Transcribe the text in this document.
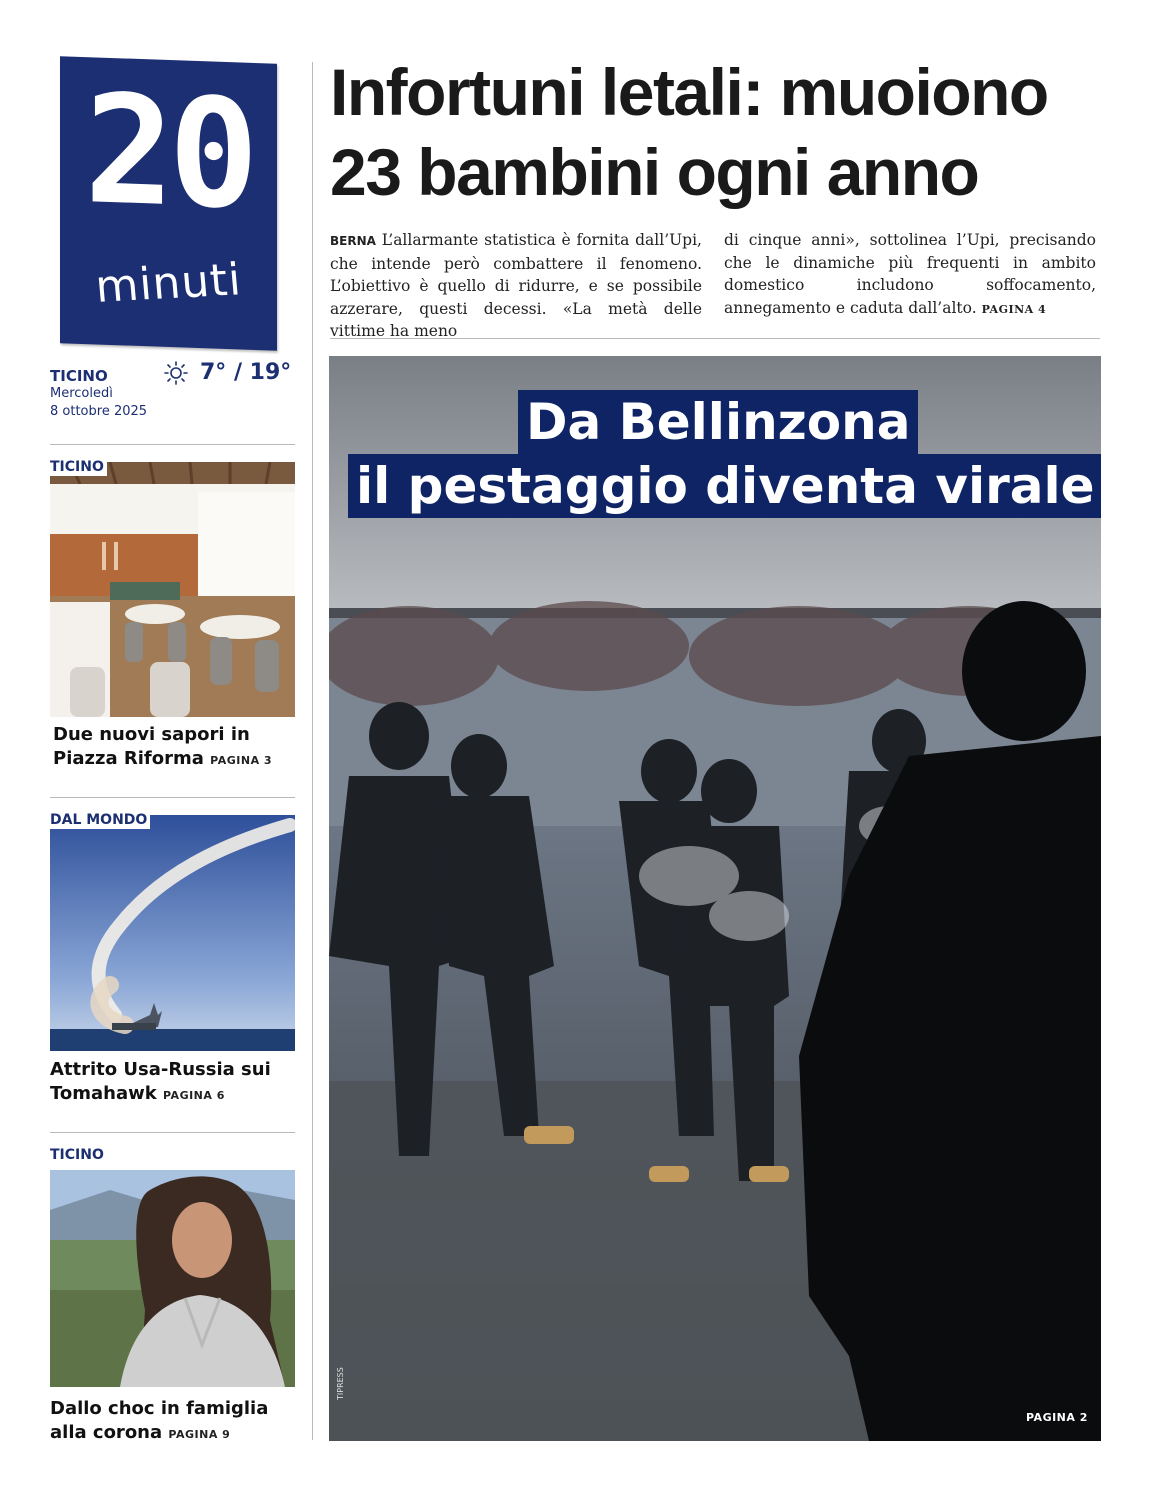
20
minuti
TICINO
Mercoledì
8 ottobre 2025
7° / 19°
TICINO
Due nuovi sapori in
Piazza Riforma PAGINA 3
DAL MONDO
Attrito Usa-Russia sui
Tomahawk PAGINA 6
TICINO
Dallo choc in famiglia
alla corona PAGINA 9
Infortuni letali: muoiono
23 bambini ogni anno
BERNA L’allarmante statistica è fornita dall’Upi, che intende però combattere il fenomeno. L’obiettivo è quello di ridurre, e se possibile azzerare, questi decessi. «La metà delle vittime ha meno
di cinque anni», sottolinea l’Upi, precisando che le dinamiche più frequenti in ambito domestico includono soffocamento, annegamento e caduta dall’alto. PAGINA 4
Da Bellinzona
il pestaggio diventa virale
TIPRESS
PAGINA 2
